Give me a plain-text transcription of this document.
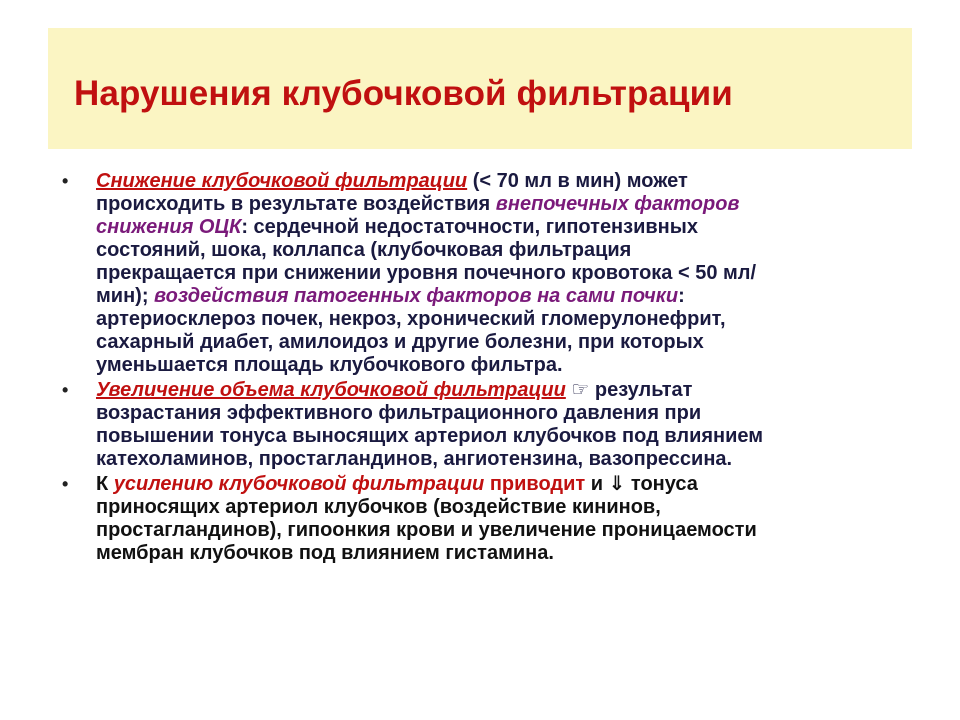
Нарушения клубочковой фильтрации
• Снижение клубочковой фильтрации (< 70 мл в мин) может
происходить в результате воздействия внепочечных факторов
снижения ОЦК: сердечной недостаточности, гипотензивных
состояний, шока, коллапса (клубочковая фильтрация
прекращается при снижении уровня почечного кровотока < 50 мл/
мин); воздействия патогенных факторов на сами почки:
артериосклероз почек, некроз, хронический гломерулонефрит,
сахарный диабет, амилоидоз и другие болезни, при которых
уменьшается площадь клубочкового фильтра.
• Увеличение объема клубочковой фильтрации ☞ результат
возрастания эффективного фильтрационного давления при
повышении тонуса выносящих артериол клубочков под влиянием
катехоламинов, простагландинов, ангиотензина, вазопрессина.
• К усилению клубочковой фильтрации приводит и ⇓ тонуса
приносящих артериол клубочков (воздействие кининов,
простагландинов), гипоонкия крови и увеличение проницаемости
мембран клубочков под влиянием гистамина.
